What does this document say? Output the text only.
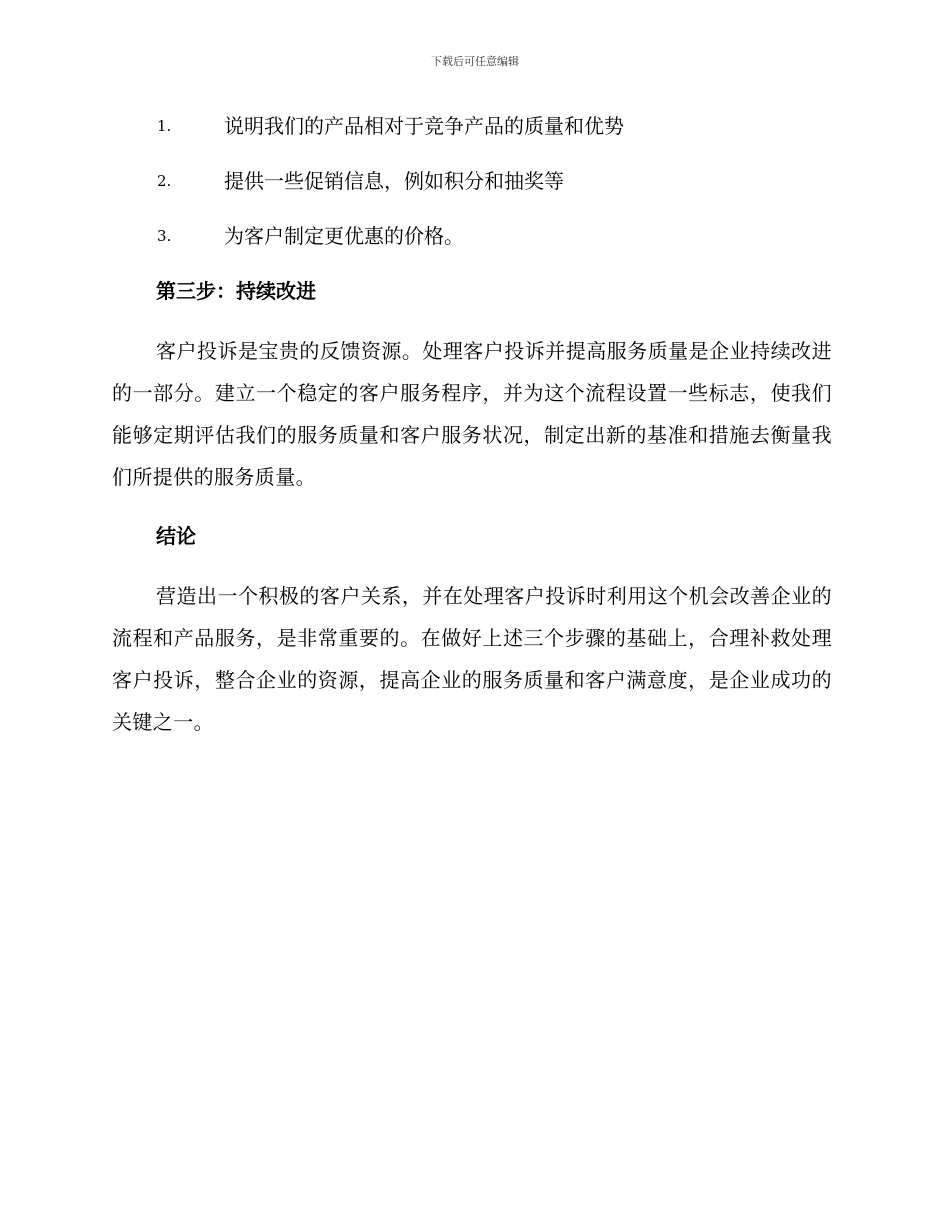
下载后可任意编辑
1.	说明我们的产品相对于竞争产品的质量和优势
2.	提供一些促销信息，例如积分和抽奖等
3.	为客户制定更优惠的价格。
第三步：持续改进

客户投诉是宝贵的反馈资源。处理客户投诉并提高服务质量是企业持续改进的一部分。建立一个稳定的客户服务程序，并为这个流程设置一些标志，使我们能够定期评估我们的服务质量和客户服务状况，制定出新的基准和措施去衡量我们所提供的服务质量。

结论

营造出一个积极的客户关系，并在处理客户投诉时利用这个机会改善企业的流程和产品服务，是非常重要的。在做好上述三个步骤的基础上，合理补救处理客户投诉，整合企业的资源，提高企业的服务质量和客户满意度，是企业成功的关键之一。
